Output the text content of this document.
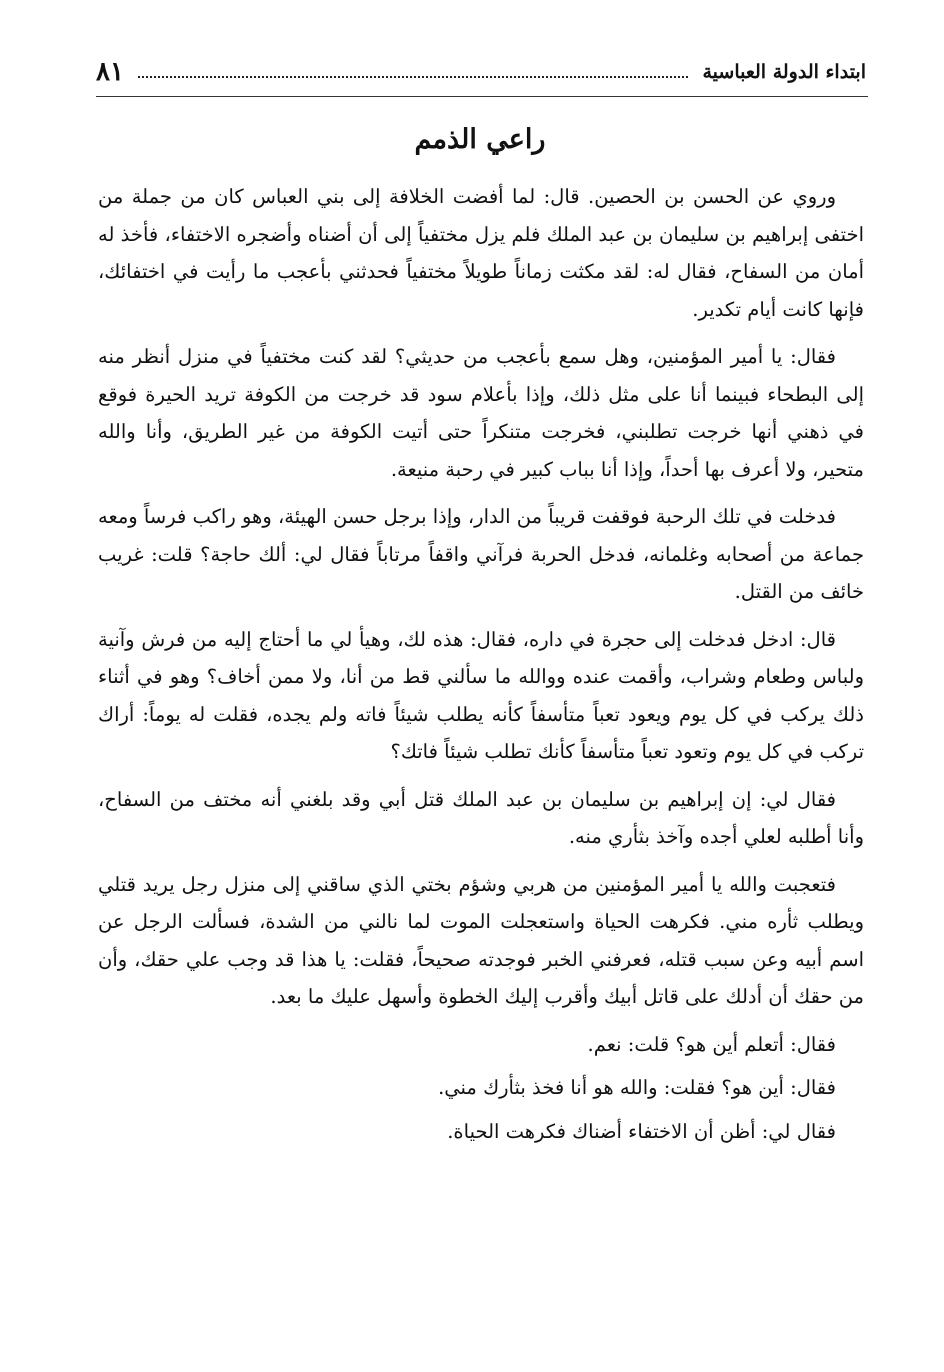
ابتداء الدولة العباسية
٨١
راعي الذمم

وروي عن الحسن بن الحصين. قال: لما أفضت الخلافة إلى بني العباس كان من جملة من اختفى إبراهيم بن سليمان بن عبد الملك فلم يزل مختفياً إلى أن أضناه وأضجره الاختفاء، فأخذ له أمان من السفاح، فقال له: لقد مكثت زماناً طويلاً مختفياً فحدثني بأعجب ما رأيت في اختفائك، فإنها كانت أيام تكدير.

فقال: يا أمير المؤمنين، وهل سمع بأعجب من حديثي؟ لقد كنت مختفياً في منزل أنظر منه إلى البطحاء فبينما أنا على مثل ذلك، وإذا بأعلام سود قد خرجت من الكوفة تريد الحيرة فوقع في ذهني أنها خرجت تطلبني، فخرجت متنكراً حتى أتيت الكوفة من غير الطريق، وأنا والله متحير، ولا أعرف بها أحداً، وإذا أنا بباب كبير في رحبة منيعة.

فدخلت في تلك الرحبة فوقفت قريباً من الدار، وإذا برجل حسن الهيئة، وهو راكب فرساً ومعه جماعة من أصحابه وغلمانه، فدخل الحربة فرآني واقفاً مرتاباً فقال لي: ألك حاجة؟ قلت: غريب خائف من القتل.

قال: ادخل فدخلت إلى حجرة في داره، فقال: هذه لك، وهيأ لي ما أحتاج إليه من فرش وآنية ولباس وطعام وشراب، وأقمت عنده ووالله ما سألني قط من أنا، ولا ممن أخاف؟ وهو في أثناء ذلك يركب في كل يوم ويعود تعباً متأسفاً كأنه يطلب شيئاً فاته ولم يجده، فقلت له يوماً: أراك تركب في كل يوم وتعود تعباً متأسفاً كأنك تطلب شيئاً فاتك؟

فقال لي: إن إبراهيم بن سليمان بن عبد الملك قتل أبي وقد بلغني أنه مختف من السفاح، وأنا أطلبه لعلي أجده وآخذ بثأري منه.

فتعجبت والله يا أمير المؤمنين من هربي وشؤم بختي الذي ساقني إلى منزل رجل يريد قتلي ويطلب ثأره مني. فكرهت الحياة واستعجلت الموت لما نالني من الشدة، فسألت الرجل عن اسم أبيه وعن سبب قتله، فعرفني الخبر فوجدته صحيحاً، فقلت: يا هذا قد وجب علي حقك، وأن من حقك أن أدلك على قاتل أبيك وأقرب إليك الخطوة وأسهل عليك ما بعد.

فقال: أتعلم أين هو؟ قلت: نعم.

فقال: أين هو؟ فقلت: والله هو أنا فخذ بثأرك مني.

فقال لي: أظن أن الاختفاء أضناك فكرهت الحياة.
